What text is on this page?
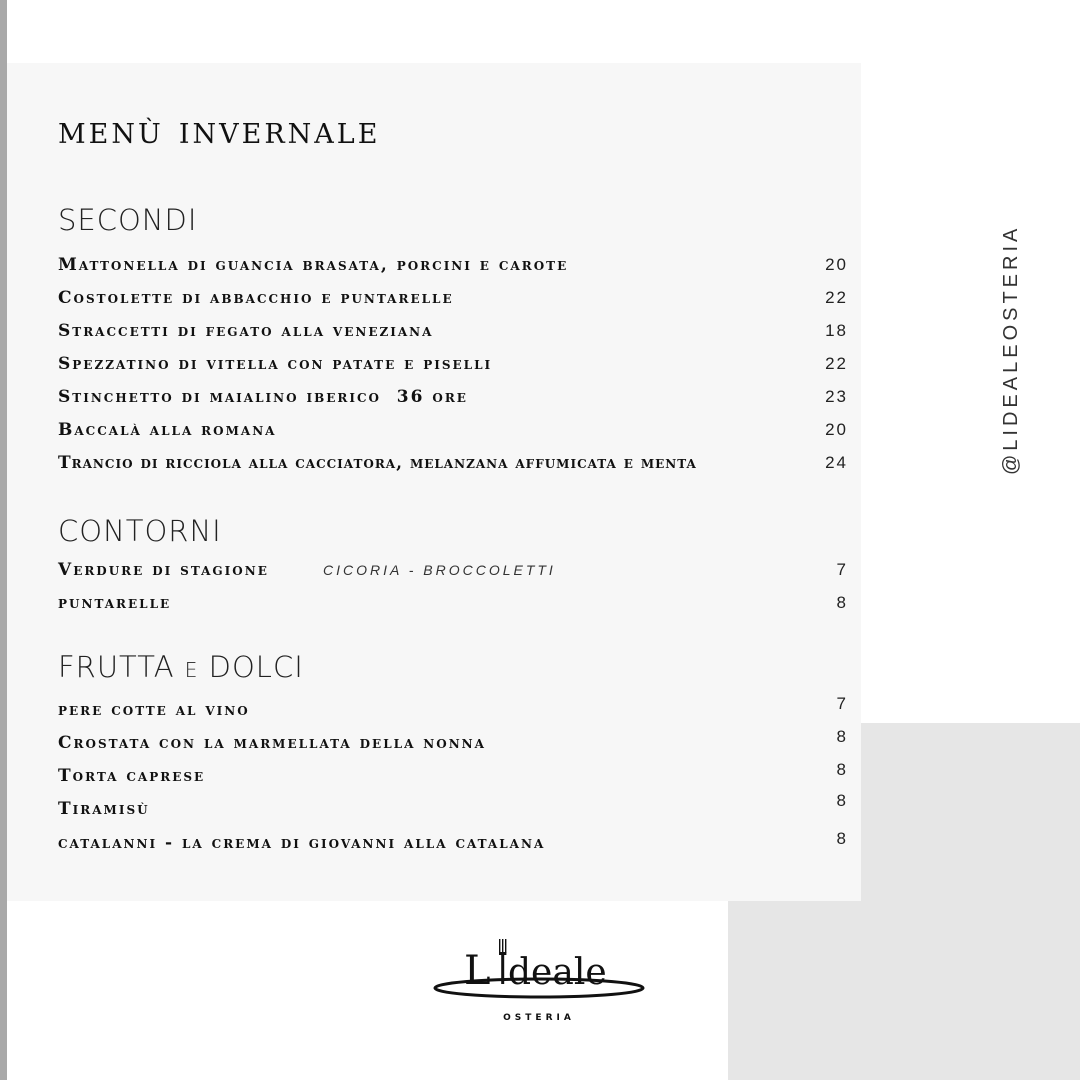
menù invernale
SECONDI
Mattonella di guancia brasata, porcini e carote	20
Costolette di abbacchio e puntarelle	22
Straccetti di fegato alla veneziana	18
Spezzatino di vitella con patate e piselli	22
Stinchetto di maialino iberico  36 ore	23
Baccalà alla romana	20
Trancio di ricciola alla cacciatora, melanzana affumicata e menta	24
CONTORNI
Verdure di stagione	CICORIA - BROCCOLETTI	7
puntarelle	8
FRUTTA e DOLCI
pere cotte al vino	7
Crostata con la marmellata della nonna	8
Torta caprese	8
Tiramisù	8
catalanni - la crema di giovanni alla catalana	8
@LIDEALEOSTERIA
L deale
OSTERIA
